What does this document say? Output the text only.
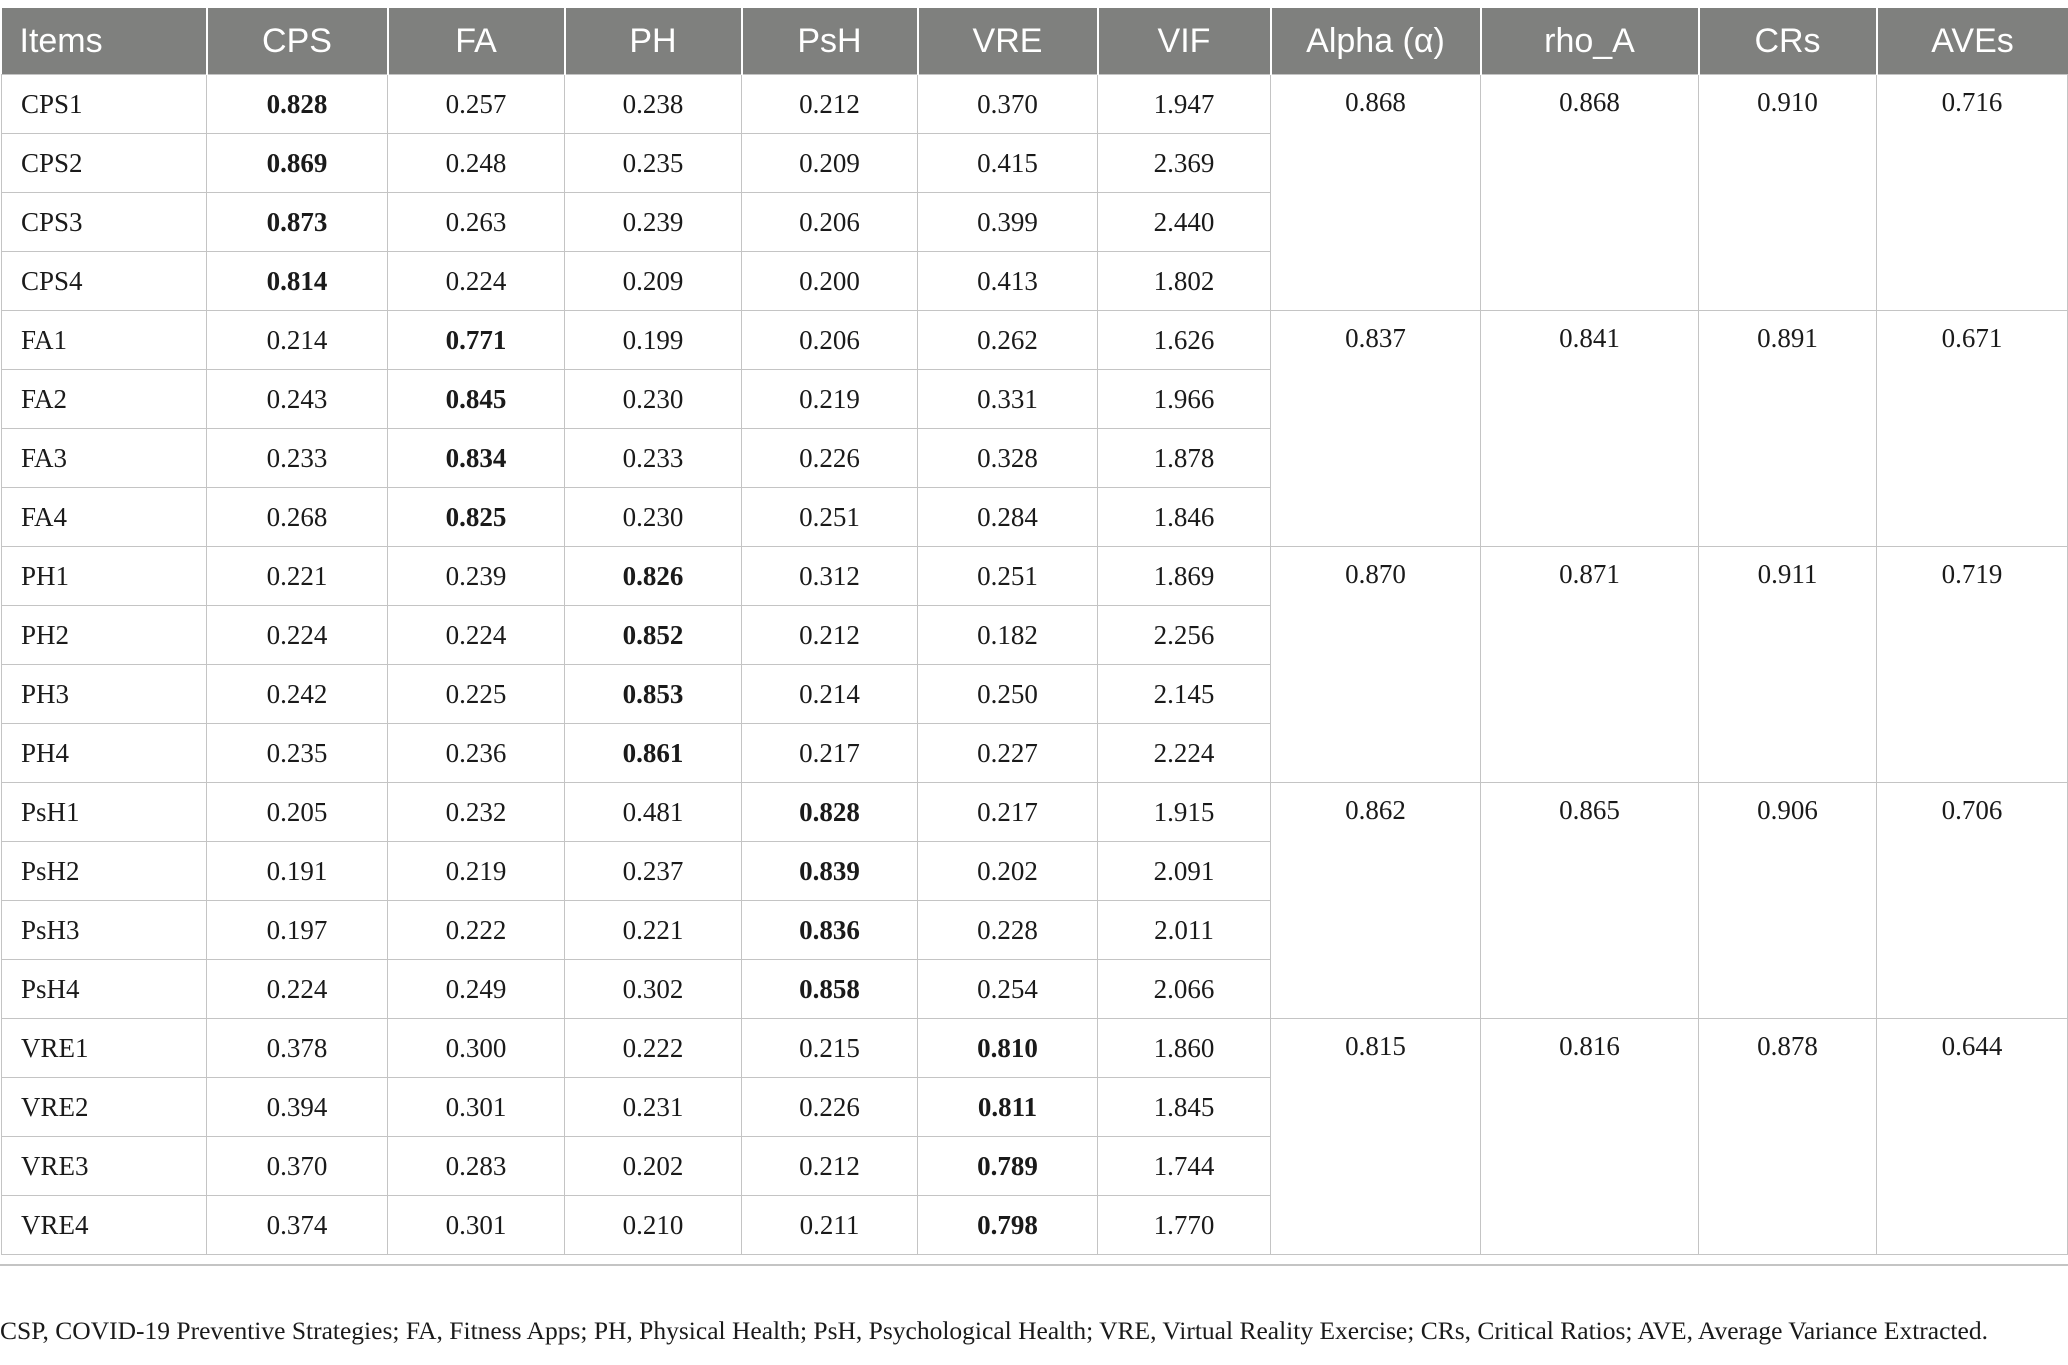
Items	CPS	FA	PH	PsH	VRE	VIF	Alpha (α)	rho_A	CRs	AVEs
CPS1	0.828	0.257	0.238	0.212	0.370	1.947	0.868	0.868	0.910	0.716
CPS2	0.869	0.248	0.235	0.209	0.415	2.369				
CPS3	0.873	0.263	0.239	0.206	0.399	2.440				
CPS4	0.814	0.224	0.209	0.200	0.413	1.802				
FA1	0.214	0.771	0.199	0.206	0.262	1.626	0.837	0.841	0.891	0.671
FA2	0.243	0.845	0.230	0.219	0.331	1.966				
FA3	0.233	0.834	0.233	0.226	0.328	1.878				
FA4	0.268	0.825	0.230	0.251	0.284	1.846				
PH1	0.221	0.239	0.826	0.312	0.251	1.869	0.870	0.871	0.911	0.719
PH2	0.224	0.224	0.852	0.212	0.182	2.256				
PH3	0.242	0.225	0.853	0.214	0.250	2.145				
PH4	0.235	0.236	0.861	0.217	0.227	2.224				
PsH1	0.205	0.232	0.481	0.828	0.217	1.915	0.862	0.865	0.906	0.706
PsH2	0.191	0.219	0.237	0.839	0.202	2.091				
PsH3	0.197	0.222	0.221	0.836	0.228	2.011				
PsH4	0.224	0.249	0.302	0.858	0.254	2.066				
VRE1	0.378	0.300	0.222	0.215	0.810	1.860	0.815	0.816	0.878	0.644
VRE2	0.394	0.301	0.231	0.226	0.811	1.845				
VRE3	0.370	0.283	0.202	0.212	0.789	1.744				
VRE4	0.374	0.301	0.210	0.211	0.798	1.770				
CSP, COVID-19 Preventive Strategies; FA, Fitness Apps; PH, Physical Health; PsH, Psychological Health; VRE, Virtual Reality Exercise; CRs, Critical Ratios; AVE, Average Variance Extracted.
